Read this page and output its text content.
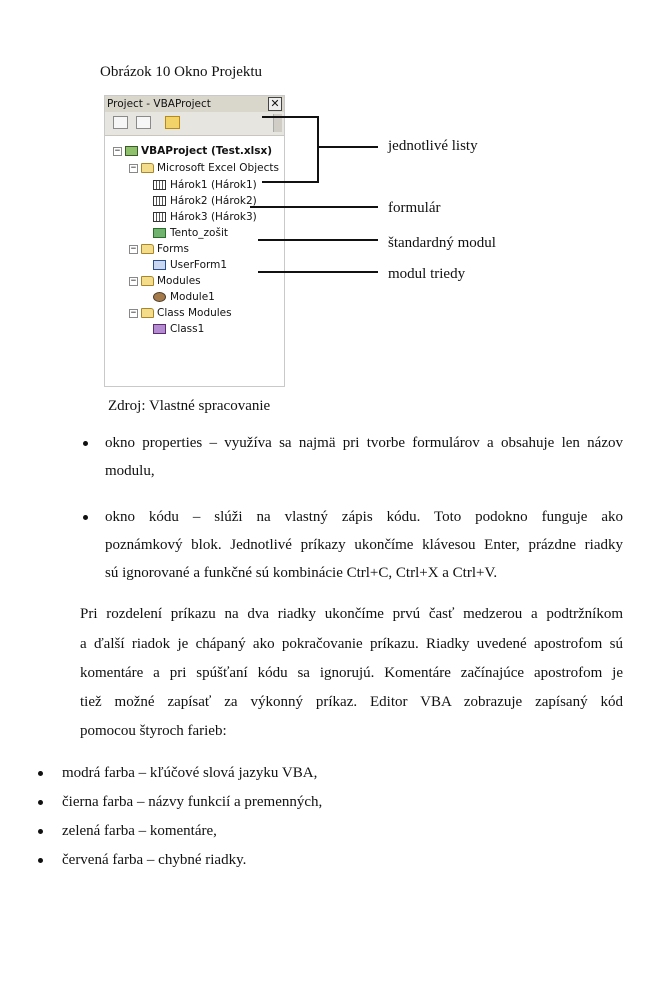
Obrázok 10 Okno Projektu
Project - VBAProject	✕
− VBAProject (Test.xlsx)
− Microsoft Excel Objects
Hárok1 (Hárok1)
Hárok2 (Hárok2)
Hárok3 (Hárok3)
Tento_zošit
− Forms
UserForm1
− Modules
Module1
− Class Modules
Class1
jednotlivé listy
formulár
štandardný modul
modul triedy
Zdroj: Vlastné spracovanie
okno properties – využíva sa najmä pri tvorbe formulárov a obsahuje len názov
modulu,
okno kódu – slúži na vlastný zápis kódu. Toto podokno funguje ako
poznámkový blok. Jednotlivé príkazy ukončíme klávesou Enter, prázdne riadky
sú ignorované a funkčné sú kombinácie Ctrl+C, Ctrl+X a Ctrl+V.
Pri rozdelení príkazu na dva riadky ukončíme prvú časť medzerou a podtržníkom
a ďalší riadok je chápaný ako pokračovanie príkazu. Riadky uvedené apostrofom sú
komentáre a pri spúšťaní kódu sa ignorujú. Komentáre začínajúce apostrofom je
tiež možné zapísať za výkonný príkaz. Editor VBA zobrazuje zapísaný kód
pomocou štyroch farieb:
modrá farba – kľúčové slová jazyku VBA,
čierna farba – názvy funkcií a premenných,
zelená farba – komentáre,
červená farba – chybné riadky.
